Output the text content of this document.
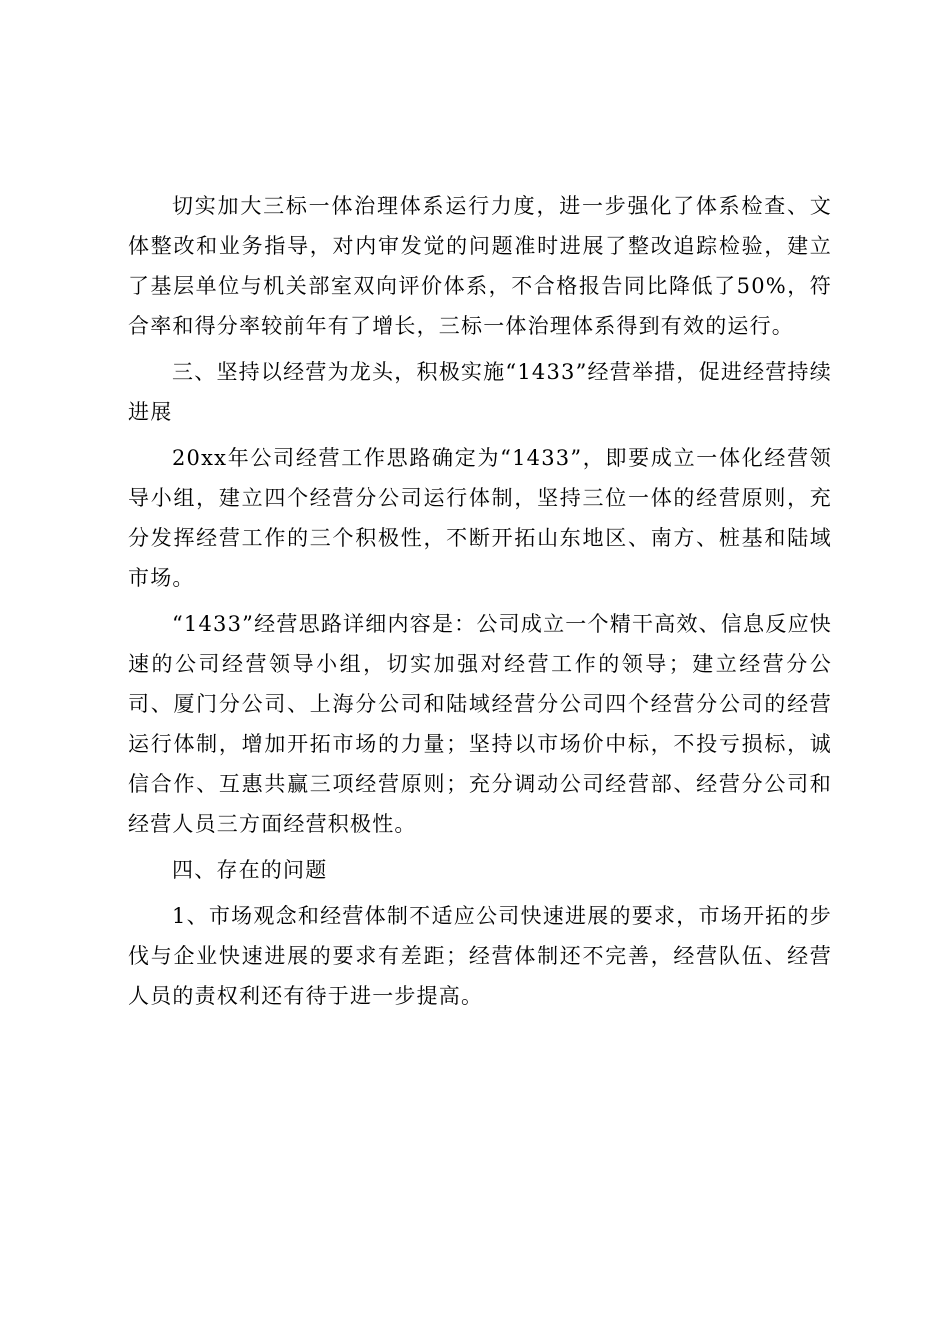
切实加大三标一体治理体系运行力度，进一步强化了体系检查、文体整改和业务指导，对内审发觉的问题准时进展了整改追踪检验，建立了基层单位与机关部室双向评价体系，不合格报告同比降低了50%，符合率和得分率较前年有了增长，三标一体治理体系得到有效的运行。

三、坚持以经营为龙头，积极实施“1433”经营举措，促进经营持续进展

20xx年公司经营工作思路确定为“1433”，即要成立一体化经营领导小组，建立四个经营分公司运行体制，坚持三位一体的经营原则，充分发挥经营工作的三个积极性，不断开拓山东地区、南方、桩基和陆域市场。

“1433”经营思路详细内容是：公司成立一个精干高效、信息反应快速的公司经营领导小组，切实加强对经营工作的领导；建立经营分公司、厦门分公司、上海分公司和陆域经营分公司四个经营分公司的经营运行体制，增加开拓市场的力量；坚持以市场价中标，不投亏损标，诚信合作、互惠共赢三项经营原则；充分调动公司经营部、经营分公司和经营人员三方面经营积极性。

四、存在的问题

1、市场观念和经营体制不适应公司快速进展的要求，市场开拓的步伐与企业快速进展的要求有差距；经营体制还不完善，经营队伍、经营人员的责权利还有待于进一步提高。
